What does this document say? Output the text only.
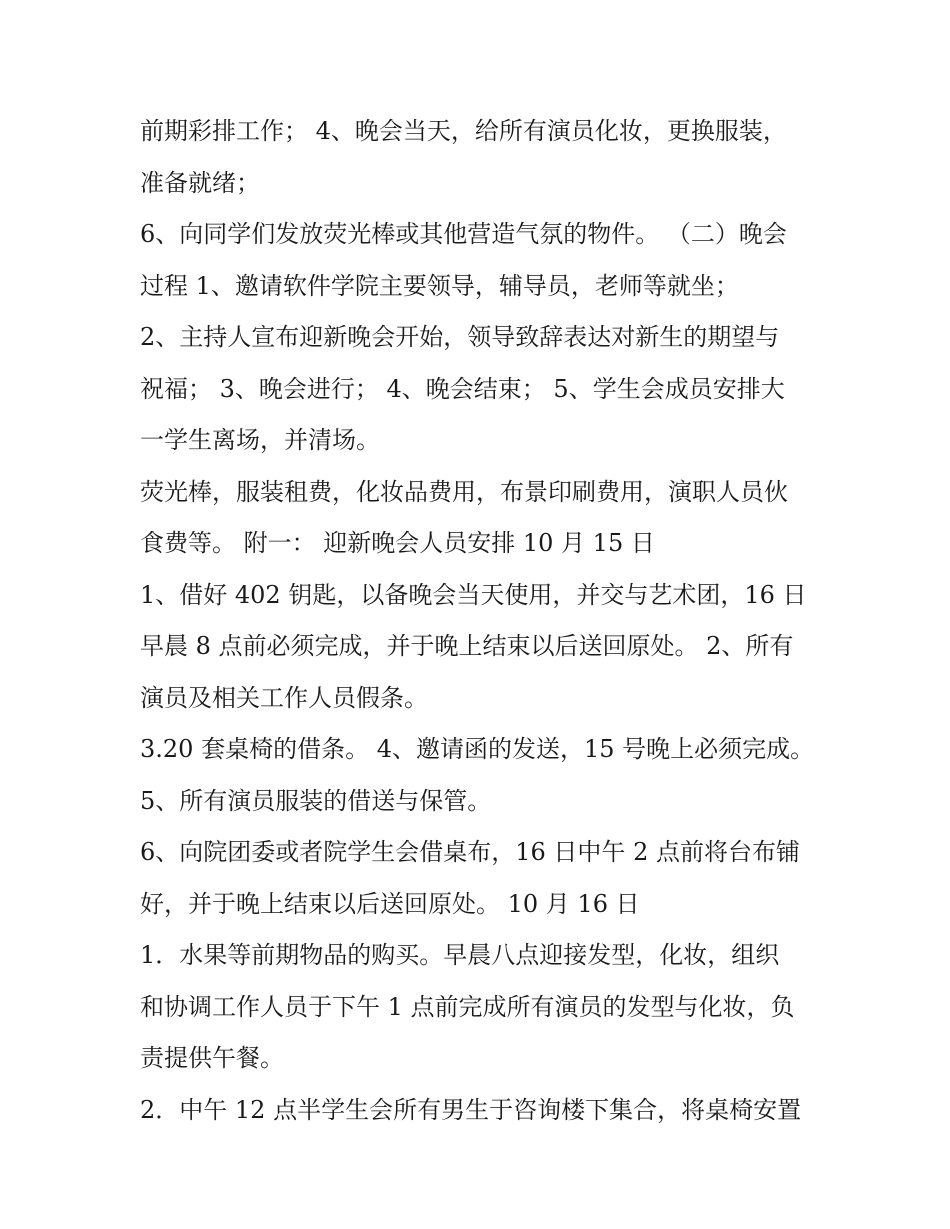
前期彩排工作； 4、晚会当天，给所有演员化妆，更换服装，
准备就绪；
6、向同学们发放荧光棒或其他营造气氛的物件。 （二）晚会
过程 1、邀请软件学院主要领导，辅导员，老师等就坐；
2、主持人宣布迎新晚会开始，领导致辞表达对新生的期望与
祝福； 3、晚会进行； 4、晚会结束； 5、学生会成员安排大
一学生离场，并清场。
荧光棒，服装租费，化妆品费用，布景印刷费用，演职人员伙
食费等。 附一： 迎新晚会人员安排 10 月 15 日
1、借好 402 钥匙，以备晚会当天使用，并交与艺术团，16 日
早晨 8 点前必须完成，并于晚上结束以后送回原处。 2、所有
演员及相关工作人员假条。
3.20 套桌椅的借条。 4、邀请函的发送，15 号晚上必须完成。
5、所有演员服装的借送与保管。
6、向院团委或者院学生会借桌布，16 日中午 2 点前将台布铺
好，并于晚上结束以后送回原处。 10 月 16 日
1．水果等前期物品的购买。早晨八点迎接发型，化妆，组织
和协调工作人员于下午 1 点前完成所有演员的发型与化妆，负
责提供午餐。
2．中午 12 点半学生会所有男生于咨询楼下集合，将桌椅安置
